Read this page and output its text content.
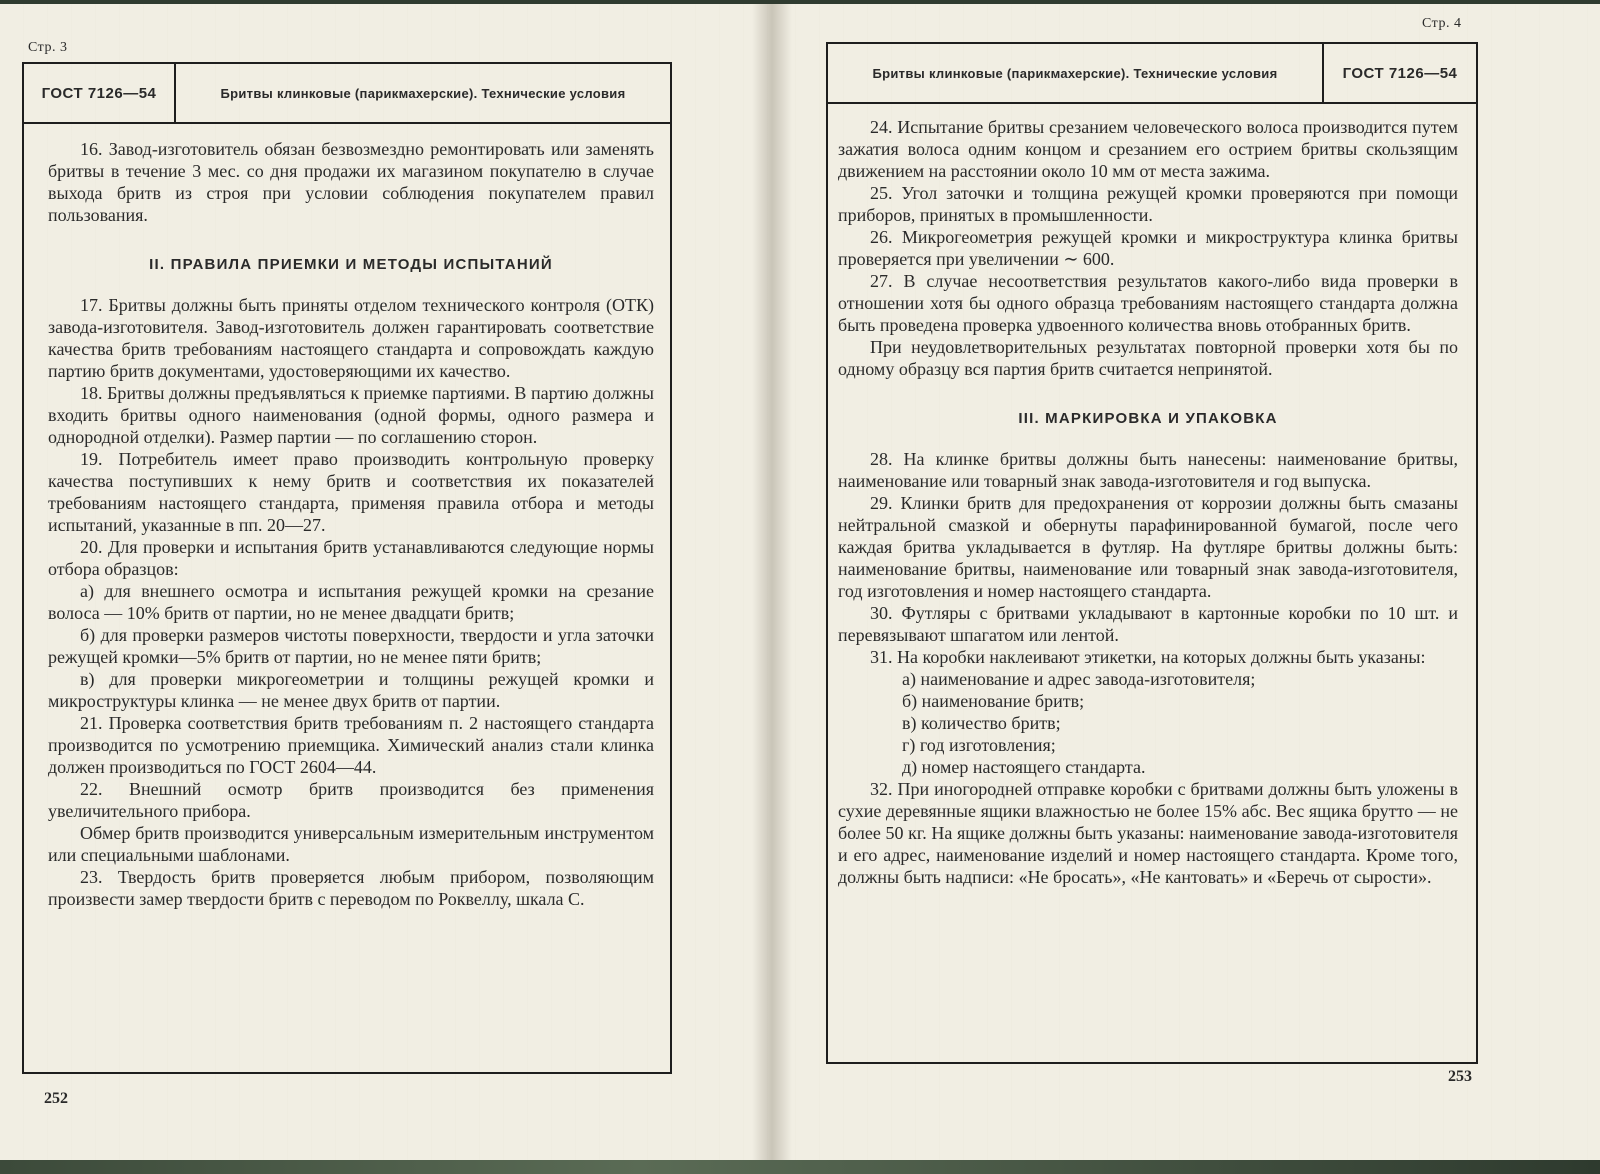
Стр. 3
ГОСТ 7126—54	Бритвы клинковые (парикмахерские). Технические условия

16. Завод-изготовитель обязан безвозмездно ремонтировать или заменять бритвы в течение 3 мес. со дня продажи их магазином покупателю в случае выхода бритв из строя при условии соблюдения покупателем правил пользования.

II. ПРАВИЛА ПРИЕМКИ И МЕТОДЫ ИСПЫТАНИЙ

17. Бритвы должны быть приняты отделом технического контроля (ОТК) завода-изготовителя. Завод-изготовитель должен гарантировать соответствие качества бритв требованиям настоящего стандарта и сопровождать каждую партию бритв документами, удостоверяющими их качество.

18. Бритвы должны предъявляться к приемке партиями. В партию должны входить бритвы одного наименования (одной формы, одного размера и однородной отделки). Размер партии — по соглашению сторон.

19. Потребитель имеет право производить контрольную проверку качества поступивших к нему бритв и соответствия их показателей требованиям настоящего стандарта, применяя правила отбора и методы испытаний, указанные в пп. 20—27.

20. Для проверки и испытания бритв устанавливаются следующие нормы отбора образцов:

а) для внешнего осмотра и испытания режущей кромки на срезание волоса — 10% бритв от партии, но не менее двадцати бритв;

б) для проверки размеров чистоты поверхности, твердости и угла заточки режущей кромки—5% бритв от партии, но не менее пяти бритв;

в) для проверки микрогеометрии и толщины режущей кромки и микроструктуры клинка — не менее двух бритв от партии.

21. Проверка соответствия бритв требованиям п. 2 настоящего стандарта производится по усмотрению приемщика. Химический анализ стали клинка должен производиться по ГОСТ 2604—44.

22. Внешний осмотр бритв производится без применения увеличительного прибора.

Обмер бритв производится универсальным измерительным инструментом или специальными шаблонами.

23. Твердость бритв проверяется любым прибором, позволяющим произвести замер твердости бритв с переводом по Роквеллу, шкала С.

252
Стр. 4
Бритвы клинковые (парикмахерские). Технические условия	ГОСТ 7126—54

24. Испытание бритвы срезанием человеческого волоса производится путем зажатия волоса одним концом и срезанием его острием бритвы скользящим движением на расстоянии около 10 мм от места зажима.

25. Угол заточки и толщина режущей кромки проверяются при помощи приборов, принятых в промышленности.

26. Микрогеометрия режущей кромки и микроструктура клинка бритвы проверяется при увеличении ∼ 600.

27. В случае несоответствия результатов какого-либо вида проверки в отношении хотя бы одного образца требованиям настоящего стандарта должна быть проведена проверка удвоенного количества вновь отобранных бритв.

При неудовлетворительных результатах повторной проверки хотя бы по одному образцу вся партия бритв считается непринятой.

III. МАРКИРОВКА И УПАКОВКА

28. На клинке бритвы должны быть нанесены: наименование бритвы, наименование или товарный знак завода-изготовителя и год выпуска.

29. Клинки бритв для предохранения от коррозии должны быть смазаны нейтральной смазкой и обернуты парафинированной бумагой, после чего каждая бритва укладывается в футляр. На футляре бритвы должны быть: наименование бритвы, наименование или товарный знак завода-изготовителя, год изготовления и номер настоящего стандарта.

30. Футляры с бритвами укладывают в картонные коробки по 10 шт. и перевязывают шпагатом или лентой.

31. На коробки наклеивают этикетки, на которых должны быть указаны:

а) наименование и адрес завода-изготовителя;

б) наименование бритв;

в) количество бритв;

г) год изготовления;

д) номер настоящего стандарта.

32. При иногородней отправке коробки с бритвами должны быть уложены в сухие деревянные ящики влажностью не более 15% абс. Вес ящика брутто — не более 50 кг. На ящике должны быть указаны: наименование завода-изготовителя и его адрес, наименование изделий и номер настоящего стандарта. Кроме того, должны быть надписи: «Не бросать», «Не кантовать» и «Беречь от сырости».

253
